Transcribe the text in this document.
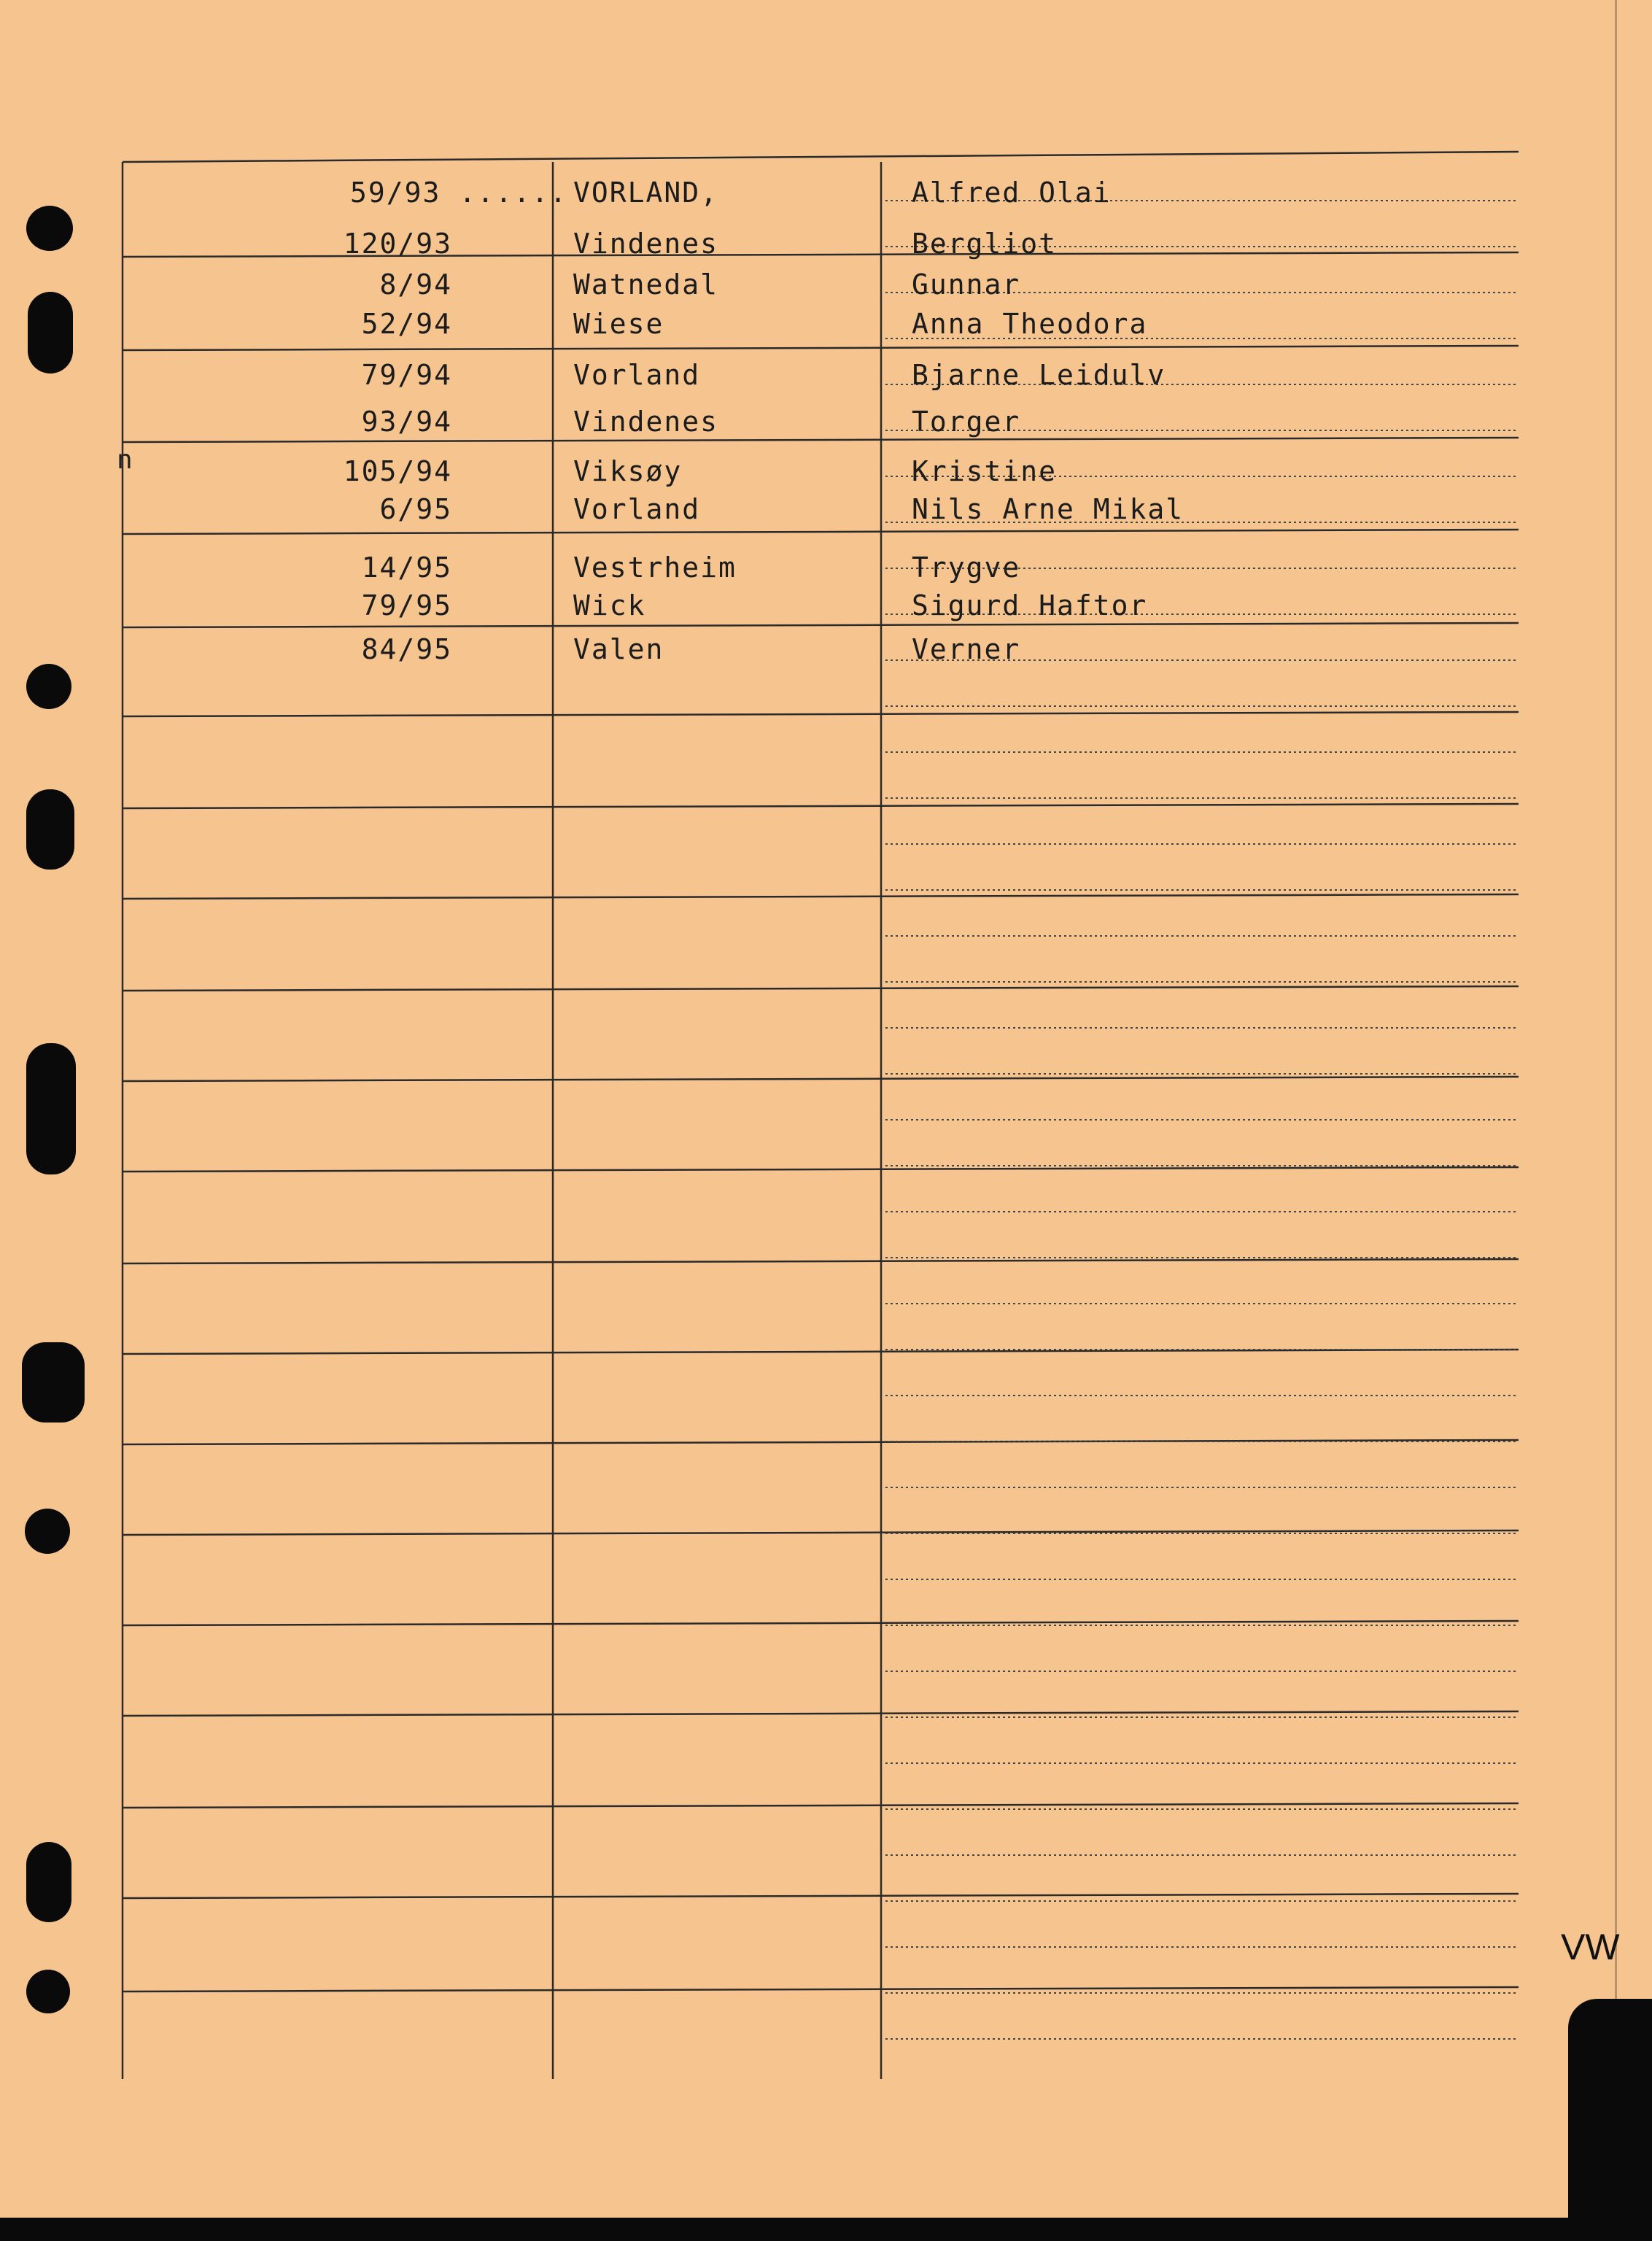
59/93 ...... VORLAND,	Alfred Olai
120/93	Vindenes	Bergliot
8/94	Watnedal	Gunnar
52/94	Wiese	Anna Theodora
79/94	Vorland	Bjarne Leidulv
93/94	Vindenes	Torger
105/94	Viksøy	Kristine
6/95	Vorland	Nils Arne Mikal
14/95	Vestrheim	Trygve
79/95	Wick	Sigurd Haftor
84/95	Valen	Verner
n
VW
